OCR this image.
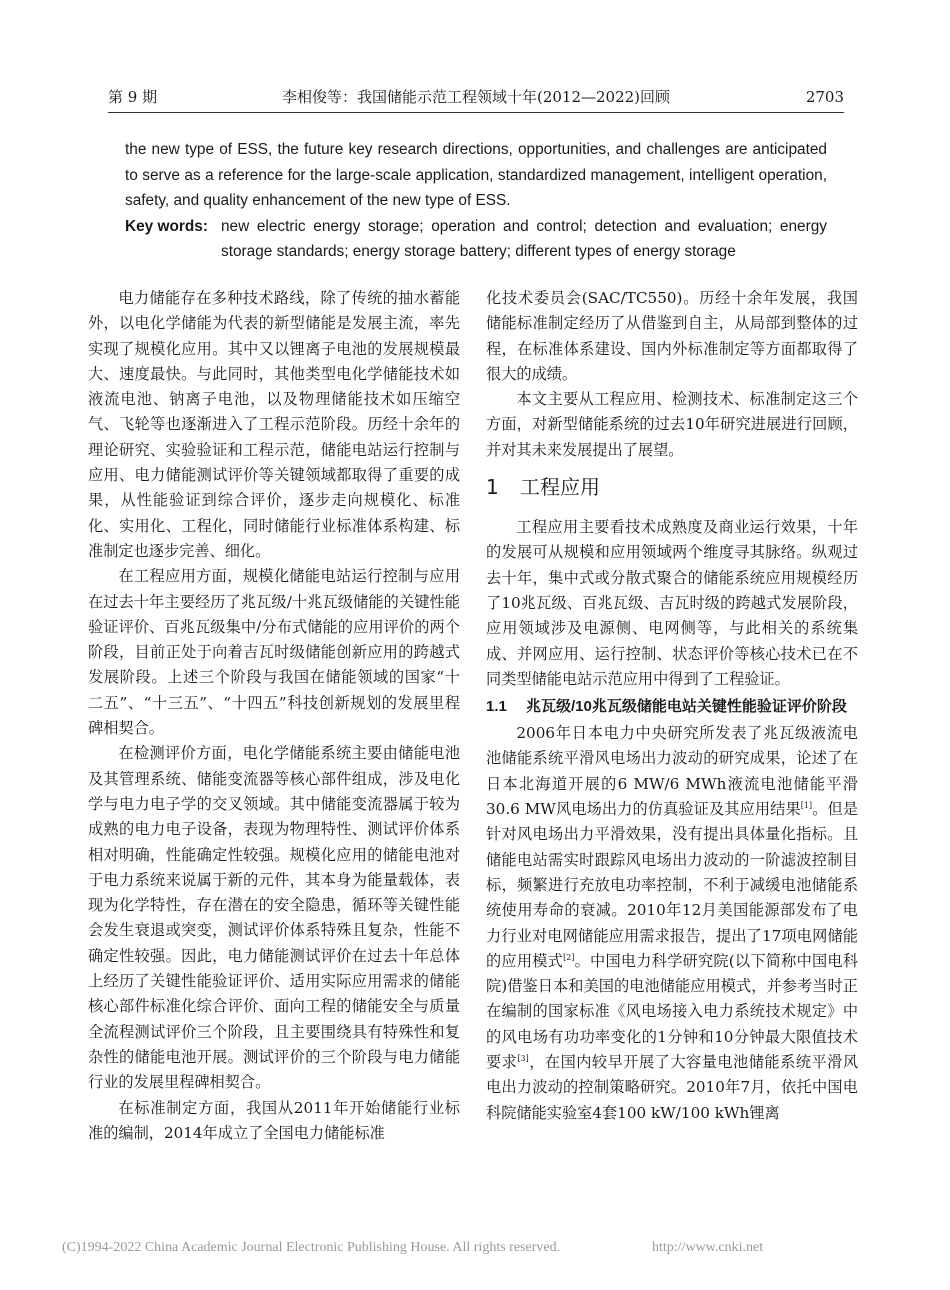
第 9 期	李相俊等：我国储能示范工程领域十年(2012—2022)回顾	2703

the new type of ESS, the future key research directions, opportunities, and challenges are anticipated to serve as a reference for the large-scale application, standardized management, intelligent operation, safety, and quality enhancement of the new type of ESS.

Key words: new electric energy storage; operation and control; detection and evaluation; energy storage standards; energy storage battery; different types of energy storage

电力储能存在多种技术路线，除了传统的抽水蓄能外，以电化学储能为代表的新型储能是发展主流，率先实现了规模化应用。其中又以锂离子电池的发展规模最大、速度最快。与此同时，其他类型电化学储能技术如液流电池、钠离子电池，以及物理储能技术如压缩空气、飞轮等也逐渐进入了工程示范阶段。历经十余年的理论研究、实验验证和工程示范，储能电站运行控制与应用、电力储能测试评价等关键领域都取得了重要的成果，从性能验证到综合评价，逐步走向规模化、标准化、实用化、工程化，同时储能行业标准体系构建、标准制定也逐步完善、细化。

在工程应用方面，规模化储能电站运行控制与应用在过去十年主要经历了兆瓦级/十兆瓦级储能的关键性能验证评价、百兆瓦级集中/分布式储能的应用评价的两个阶段，目前正处于向着吉瓦时级储能创新应用的跨越式发展阶段。上述三个阶段与我国在储能领域的国家“十二五”、“十三五”、“十四五”科技创新规划的发展里程碑相契合。

在检测评价方面，电化学储能系统主要由储能电池及其管理系统、储能变流器等核心部件组成，涉及电化学与电力电子学的交叉领域。其中储能变流器属于较为成熟的电力电子设备，表现为物理特性、测试评价体系相对明确，性能确定性较强。规模化应用的储能电池对于电力系统来说属于新的元件，其本身为能量载体，表现为化学特性，存在潜在的安全隐患，循环等关键性能会发生衰退或突变，测试评价体系特殊且复杂，性能不确定性较强。因此，电力储能测试评价在过去十年总体上经历了关键性能验证评价、适用实际应用需求的储能核心部件标准化综合评价、面向工程的储能安全与质量全流程测试评价三个阶段，且主要围绕具有特殊性和复杂性的储能电池开展。测试评价的三个阶段与电力储能行业的发展里程碑相契合。

在标准制定方面，我国从2011年开始储能行业标准的编制，2014年成立了全国电力储能标准

化技术委员会(SAC/TC550)。历经十余年发展，我国储能标准制定经历了从借鉴到自主，从局部到整体的过程，在标准体系建设、国内外标准制定等方面都取得了很大的成绩。

本文主要从工程应用、检测技术、标准制定这三个方面，对新型储能系统的过去10年研究进展进行回顾，并对其未来发展提出了展望。

1	工程应用

工程应用主要看技术成熟度及商业运行效果，十年的发展可从规模和应用领域两个维度寻其脉络。纵观过去十年，集中式或分散式聚合的储能系统应用规模经历了10兆瓦级、百兆瓦级、吉瓦时级的跨越式发展阶段，应用领域涉及电源侧、电网侧等，与此相关的系统集成、并网应用、运行控制、状态评价等核心技术已在不同类型储能电站示范应用中得到了工程验证。

1.1	兆瓦级/10兆瓦级储能电站关键性能验证评价阶段

2006年日本电力中央研究所发表了兆瓦级液流电池储能系统平滑风电场出力波动的研究成果，论述了在日本北海道开展的6 MW/6 MWh液流电池储能平滑30.6 MW风电场出力的仿真验证及其应用结果[1]。但是针对风电场出力平滑效果，没有提出具体量化指标。且储能电站需实时跟踪风电场出力波动的一阶滤波控制目标，频繁进行充放电功率控制，不利于减缓电池储能系统使用寿命的衰减。2010年12月美国能源部发布了电力行业对电网储能应用需求报告，提出了17项电网储能的应用模式[2]。中国电力科学研究院(以下简称中国电科院)借鉴日本和美国的电池储能应用模式，并参考当时正在编制的国家标准《风电场接入电力系统技术规定》中的风电场有功功率变化的1分钟和10分钟最大限值技术要求[3]，在国内较早开展了大容量电池储能系统平滑风电出力波动的控制策略研究。2010年7月，依托中国电科院储能实验室4套100 kW/100 kWh锂离

(C)1994-2022 China Academic Journal Electronic Publishing House. All rights reserved.	http://www.cnki.net
